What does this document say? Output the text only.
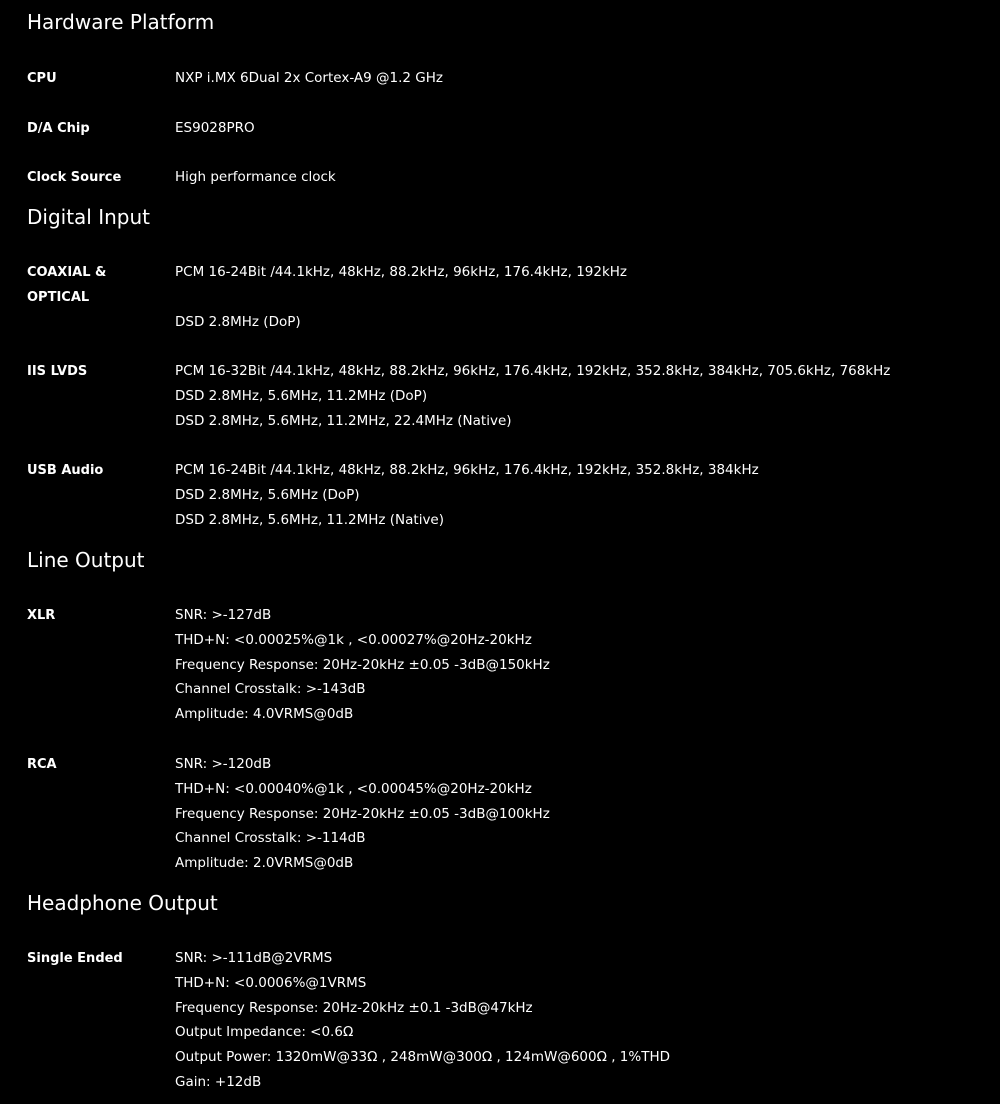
Hardware Platform
CPU	NXP i.MX 6Dual 2x Cortex-A9 @1.2 GHz
D/A Chip	ES9028PRO
Clock Source	High performance clock
Digital Input
COAXIAL & OPTICAL
PCM 16-24Bit /44.1kHz, 48kHz, 88.2kHz, 96kHz, 176.4kHz, 192kHz
DSD 2.8MHz (DoP)
IIS LVDS	PCM 16-32Bit /44.1kHz, 48kHz, 88.2kHz, 96kHz, 176.4kHz, 192kHz, 352.8kHz, 384kHz, 705.6kHz, 768kHz
DSD 2.8MHz, 5.6MHz, 11.2MHz (DoP)
DSD 2.8MHz, 5.6MHz, 11.2MHz, 22.4MHz (Native)
USB Audio	PCM 16-24Bit /44.1kHz, 48kHz, 88.2kHz, 96kHz, 176.4kHz, 192kHz, 352.8kHz, 384kHz
DSD 2.8MHz, 5.6MHz (DoP)
DSD 2.8MHz, 5.6MHz, 11.2MHz (Native)
Line Output
XLR	SNR: >-127dB
THD+N: <0.00025%@1k , <0.00027%@20Hz-20kHz
Frequency Response: 20Hz-20kHz ±0.05 -3dB@150kHz
Channel Crosstalk: >-143dB
Amplitude: 4.0VRMS@0dB
RCA	SNR: >-120dB
THD+N: <0.00040%@1k , <0.00045%@20Hz-20kHz
Frequency Response: 20Hz-20kHz ±0.05 -3dB@100kHz
Channel Crosstalk: >-114dB
Amplitude: 2.0VRMS@0dB
Headphone Output
Single Ended	SNR: >-111dB@2VRMS
THD+N: <0.0006%@1VRMS
Frequency Response: 20Hz-20kHz ±0.1 -3dB@47kHz
Output Impedance: <0.6Ω
Output Power: 1320mW@33Ω , 248mW@300Ω , 124mW@600Ω , 1%THD
Gain: +12dB
